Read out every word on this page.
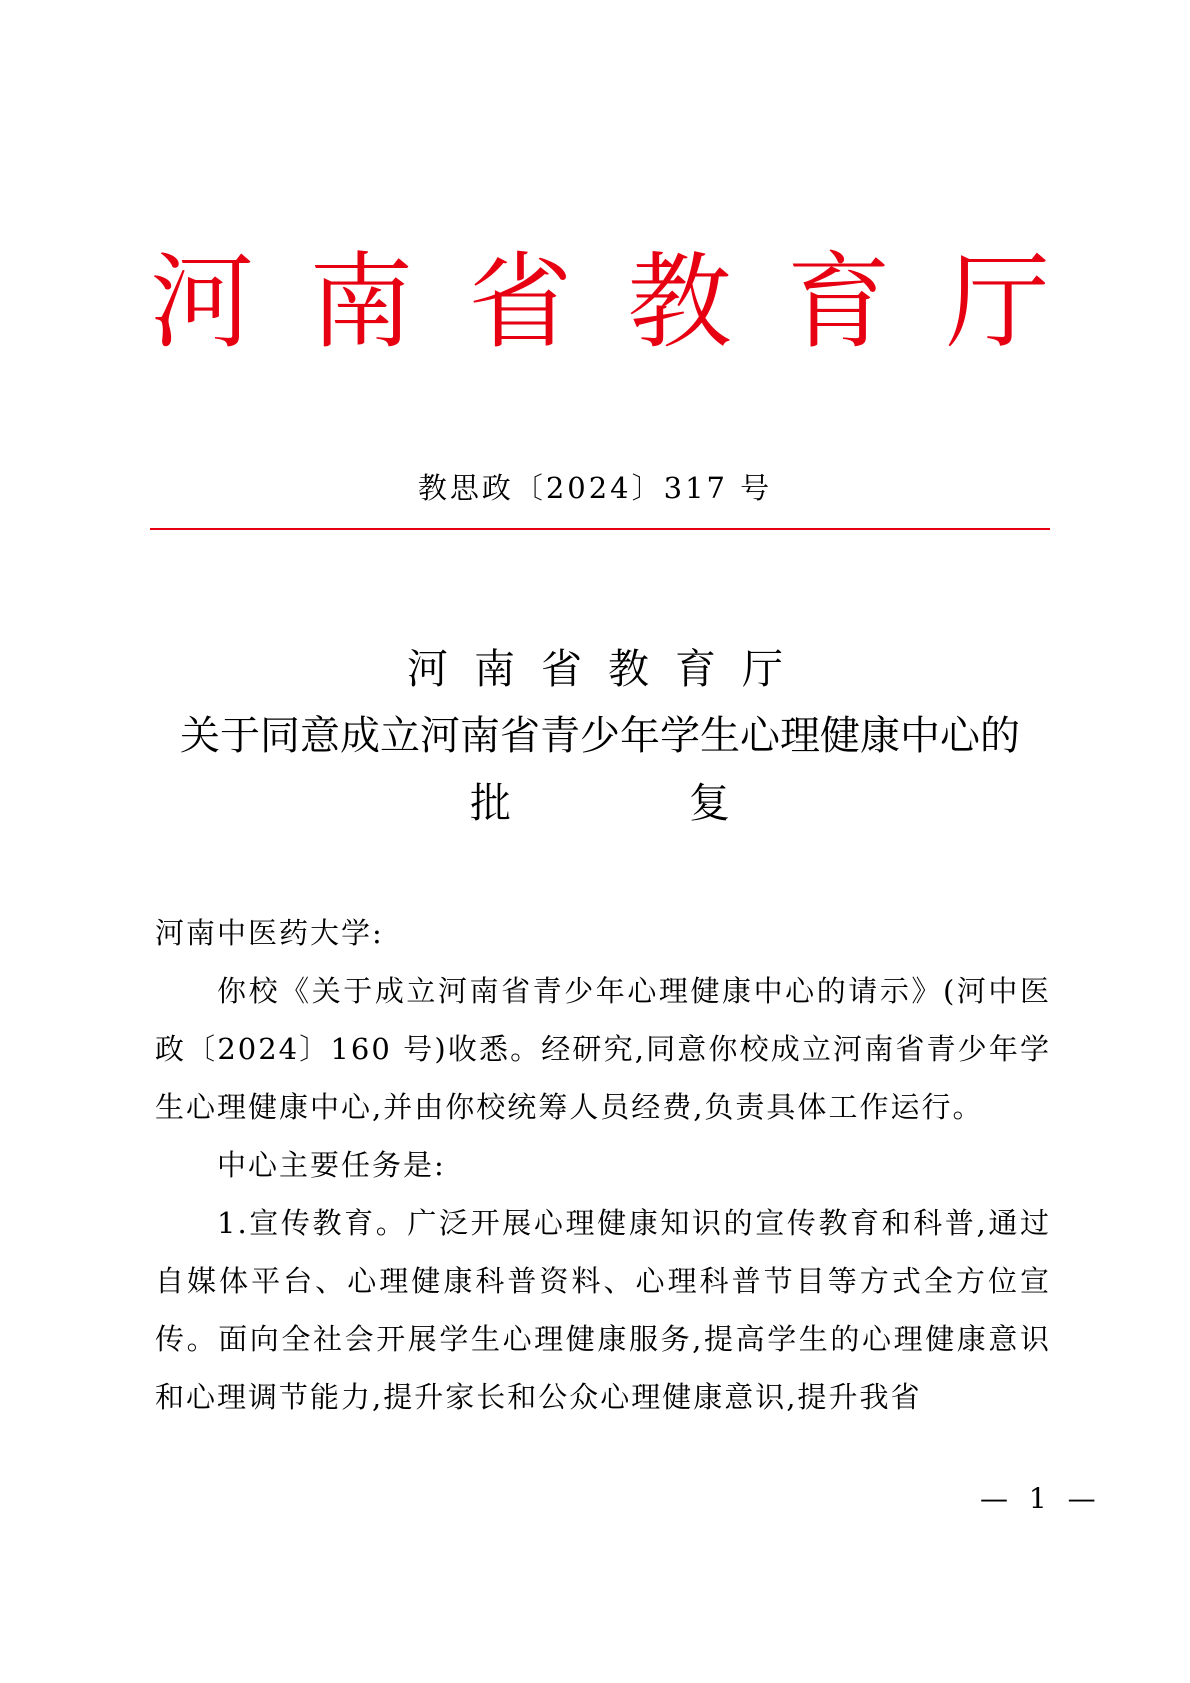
河 南 省 教 育 厅
教思政〔2024〕317 号
河南省教育厅
关于同意成立河南省青少年学生心理健康中心的
批	复

河南中医药大学:

你校《关于成立河南省青少年心理健康中心的请示》(河中医政〔2024〕160 号)收悉。经研究,同意你校成立河南省青少年学生心理健康中心,并由你校统筹人员经费,负责具体工作运行。

中心主要任务是:

1.宣传教育。广泛开展心理健康知识的宣传教育和科普,通过自媒体平台、心理健康科普资料、心理科普节目等方式全方位宣传。面向全社会开展学生心理健康服务,提高学生的心理健康意识和心理调节能力,提升家长和公众心理健康意识,提升我省

— 1 —
